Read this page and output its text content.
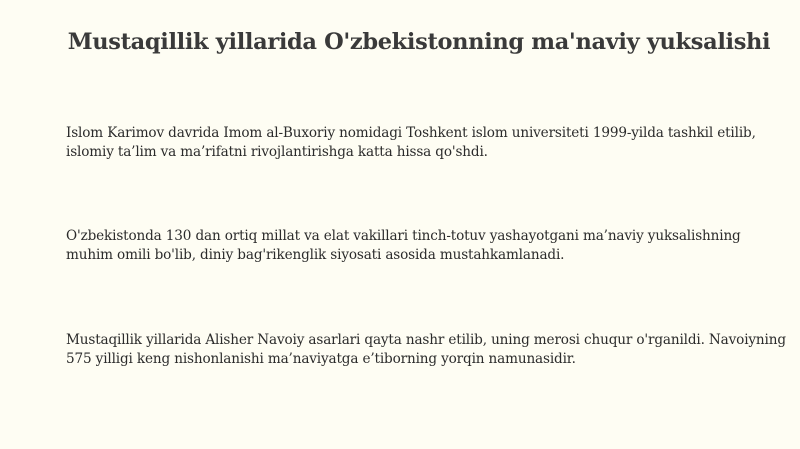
Mustaqillik yillarida O'zbekistonning ma'naviy yuksalishi

Islom Karimov davrida Imom al-Buxoriy nomidagi Toshkent islom universiteti 1999-yilda tashkil etilib, islomiy ta’lim va ma’rifatni rivojlantirishga katta hissa qo'shdi.

O'zbekistonda 130 dan ortiq millat va elat vakillari tinch-totuv yashayotgani ma’naviy yuksalishning muhim omili bo'lib, diniy bag'rikenglik siyosati asosida mustahkamlanadi.

Mustaqillik yillarida Alisher Navoiy asarlari qayta nashr etilib, uning merosi chuqur o'rganildi. Navoiyning 575 yilligi keng nishonlanishi ma’naviyatga e’tiborning yorqin namunasidir.
